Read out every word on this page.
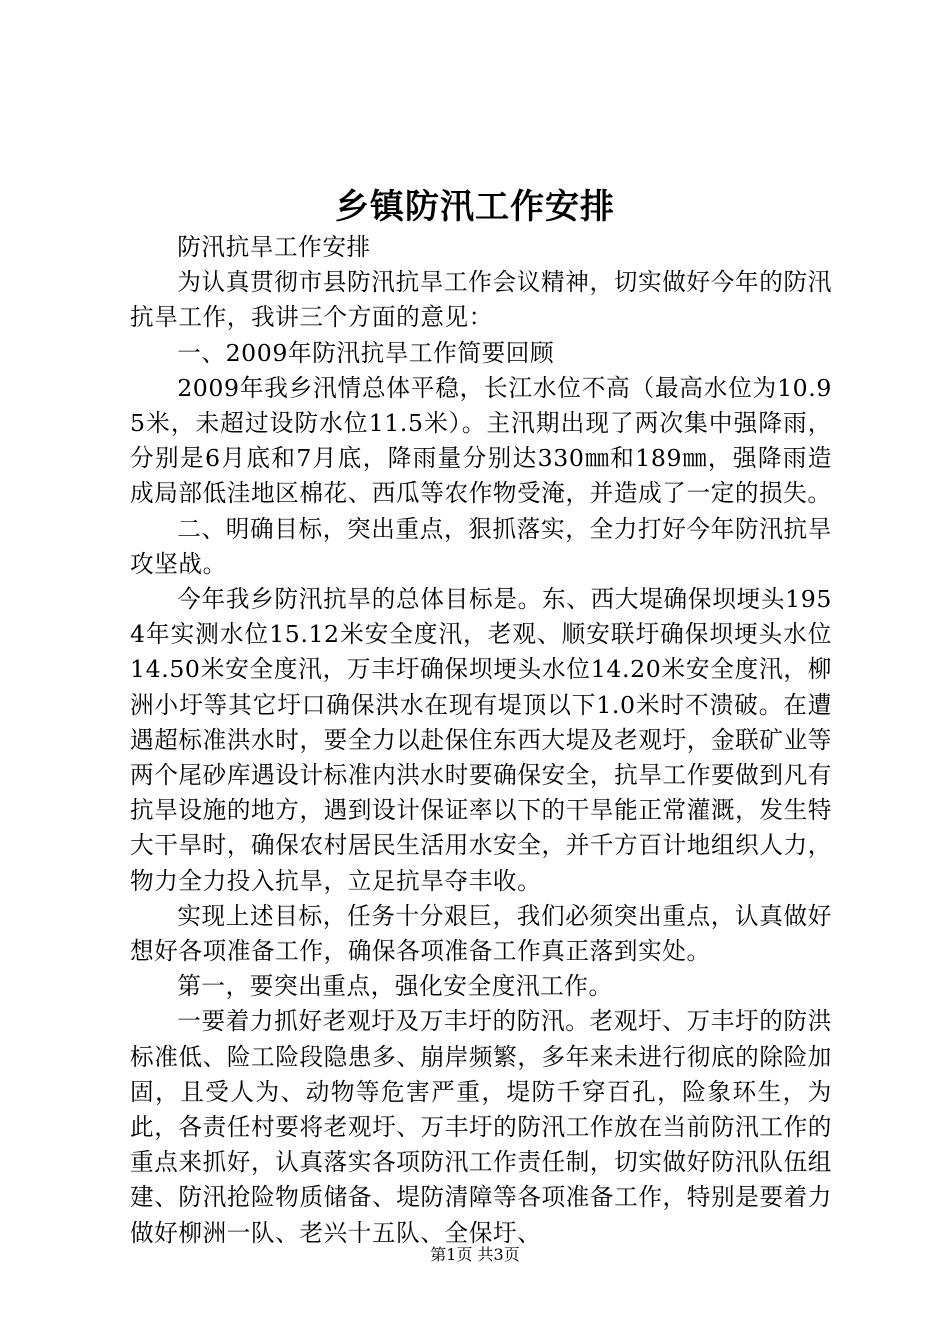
乡镇防汛工作安排

防汛抗旱工作安排

为认真贯彻市县防汛抗旱工作会议精神，切实做好今年的防汛抗旱工作，我讲三个方面的意见：

一、2009年防汛抗旱工作简要回顾

2009年我乡汛情总体平稳，长江水位不高（最高水位为10.95米，未超过设防水位11.5米）。主汛期出现了两次集中强降雨，分别是6月底和7月底，降雨量分别达330㎜和189㎜，强降雨造成局部低洼地区棉花、西瓜等农作物受淹，并造成了一定的损失。

二、明确目标，突出重点，狠抓落实，全力打好今年防汛抗旱攻坚战。

今年我乡防汛抗旱的总体目标是。东、西大堤确保坝埂头1954年实测水位15.12米安全度汛，老观、顺安联圩确保坝埂头水位14.50米安全度汛，万丰圩确保坝埂头水位14.20米安全度汛，柳洲小圩等其它圩口确保洪水在现有堤顶以下1.0米时不溃破。在遭遇超标准洪水时，要全力以赴保住东西大堤及老观圩，金联矿业等两个尾砂库遇设计标准内洪水时要确保安全，抗旱工作要做到凡有抗旱设施的地方，遇到设计保证率以下的干旱能正常灌溉，发生特大干旱时，确保农村居民生活用水安全，并千方百计地组织人力，物力全力投入抗旱，立足抗旱夺丰收。

实现上述目标，任务十分艰巨，我们必须突出重点，认真做好想好各项准备工作，确保各项准备工作真正落到实处。

第一，要突出重点，强化安全度汛工作。

一要着力抓好老观圩及万丰圩的防汛。老观圩、万丰圩的防洪标准低、险工险段隐患多、崩岸频繁，多年来未进行彻底的除险加固，且受人为、动物等危害严重，堤防千穿百孔，险象环生，为此，各责任村要将老观圩、万丰圩的防汛工作放在当前防汛工作的重点来抓好，认真落实各项防汛工作责任制，切实做好防汛队伍组建、防汛抢险物质储备、堤防清障等各项准备工作，特别是要着力做好柳洲一队、老兴十五队、全保圩、

第1页 共3页
